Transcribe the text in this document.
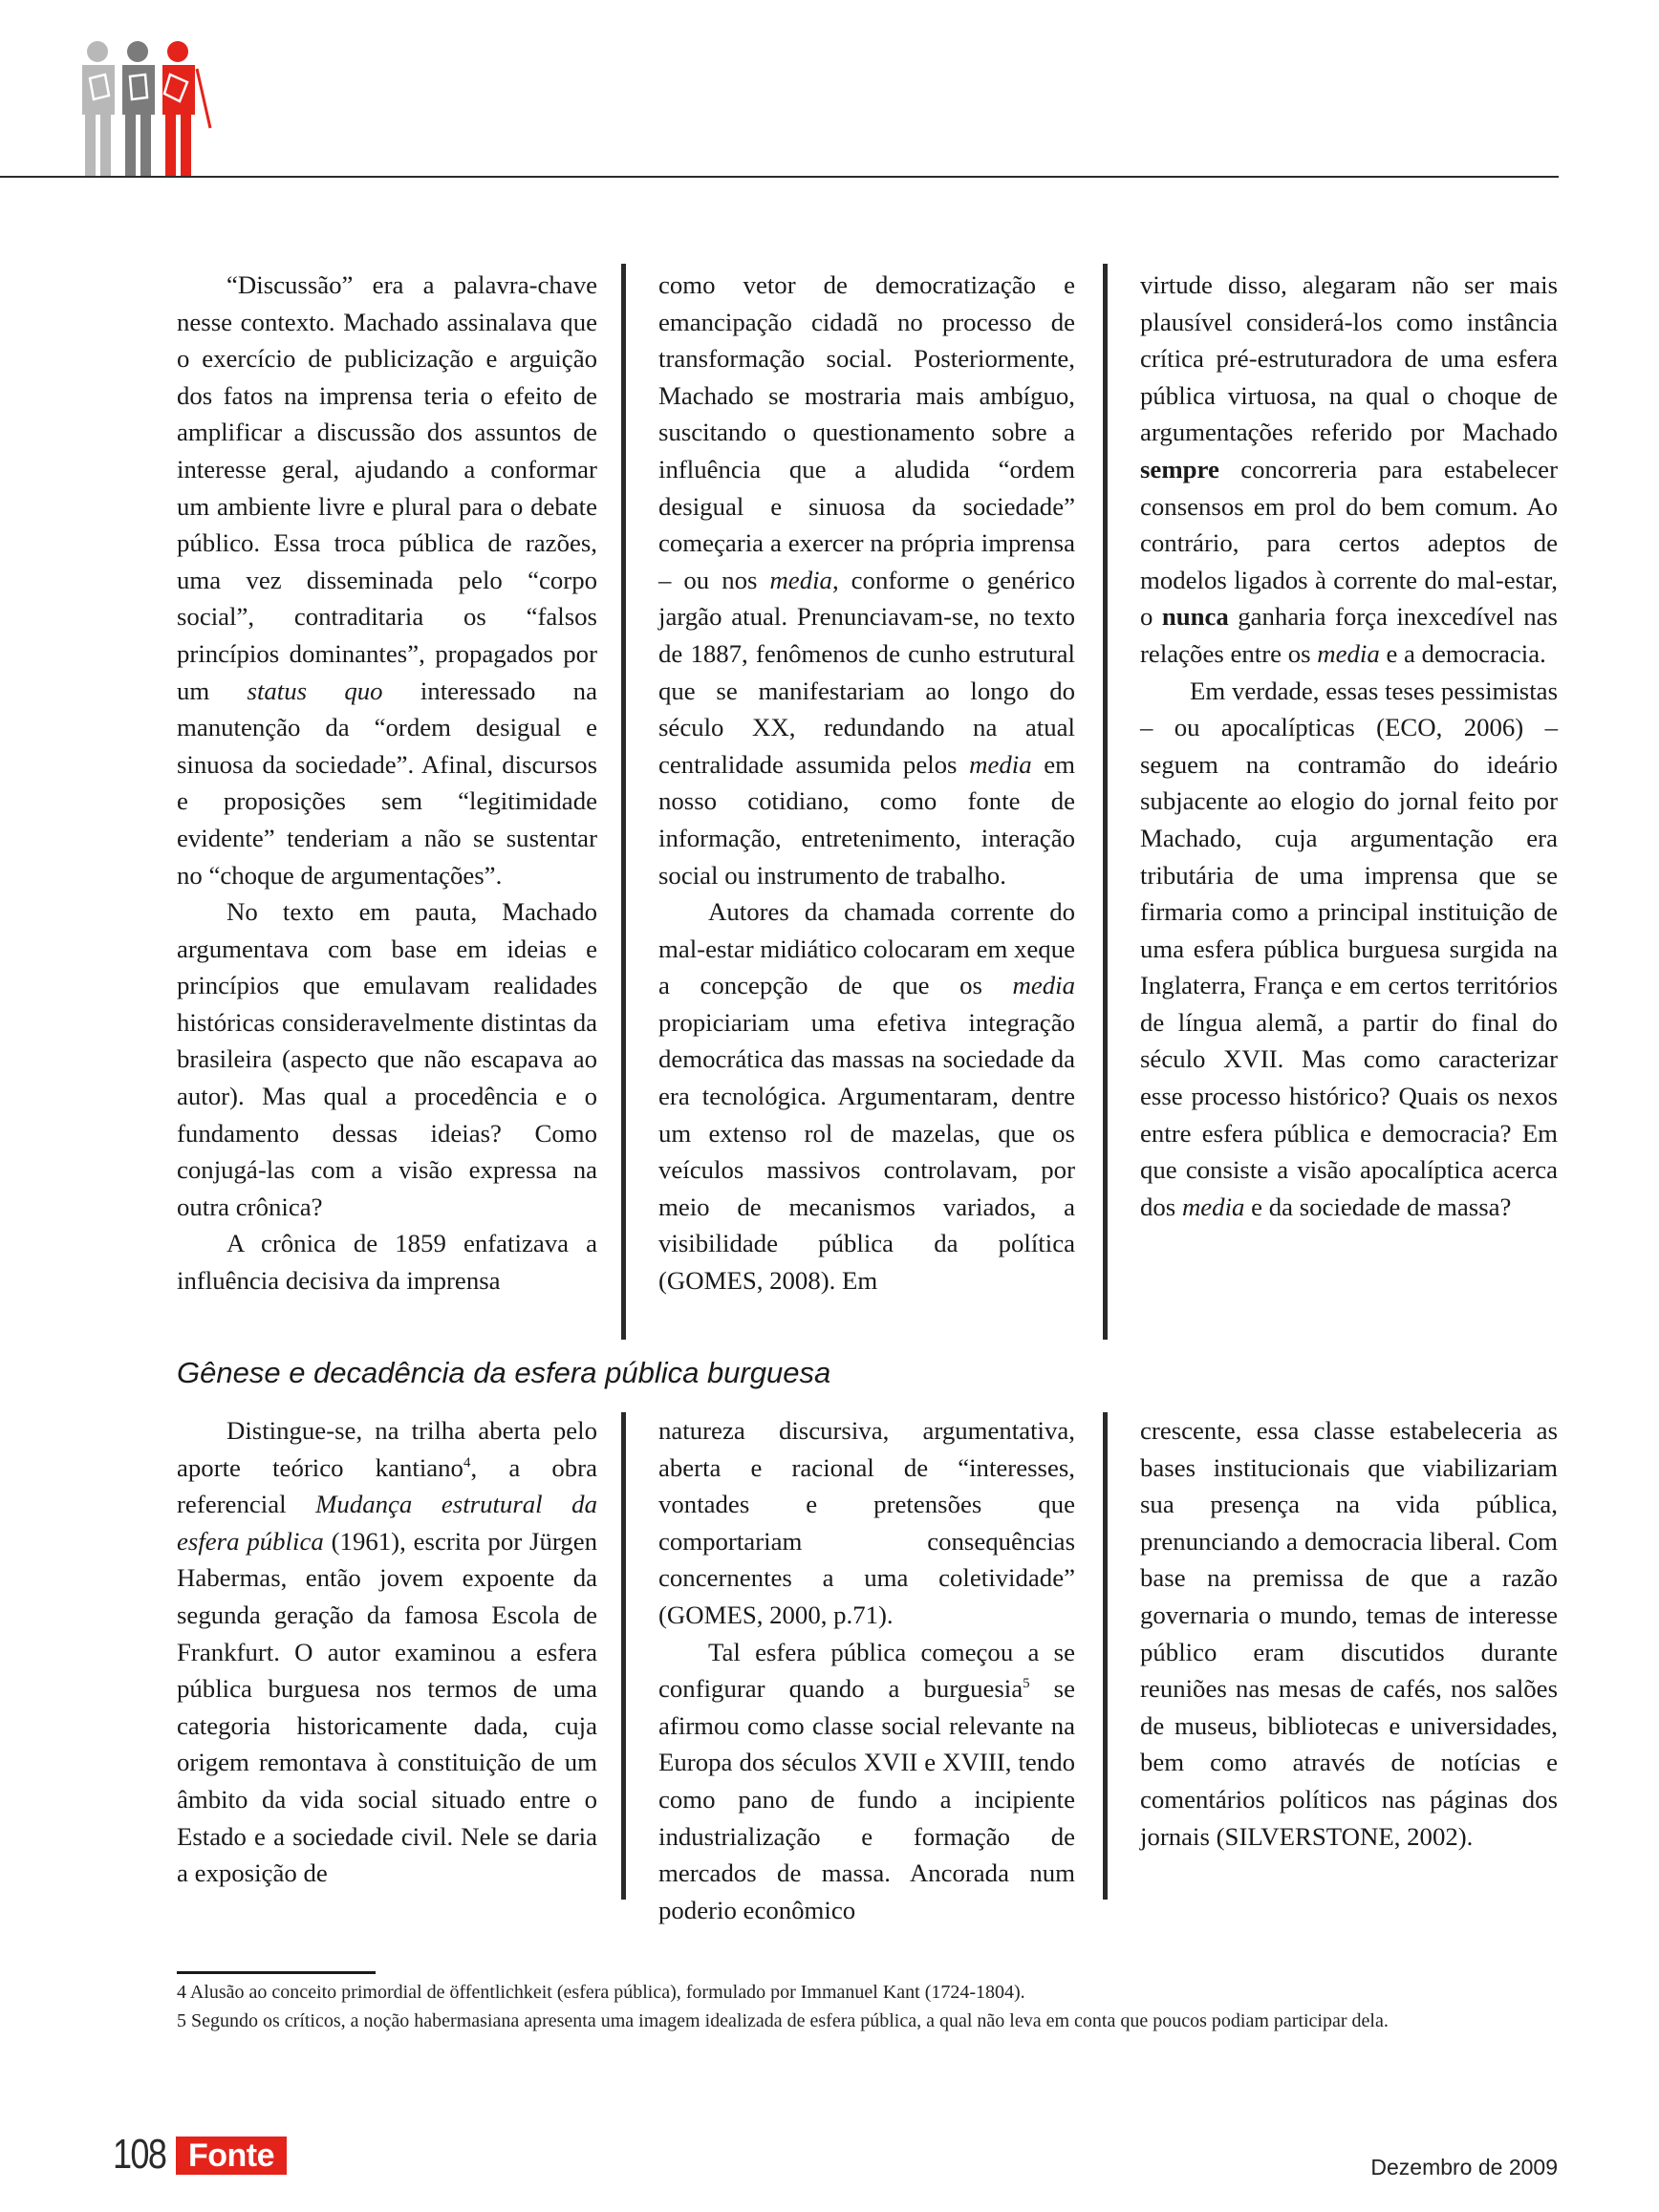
“Discussão” era a palavra-chave nesse contexto. Machado assinalava que o exercício de publicização e arguição dos fatos na imprensa teria o efeito de amplificar a discussão dos assuntos de interesse geral, ajudando a conformar um ambiente livre e plural para o debate público. Essa troca pública de razões, uma vez disseminada pelo “corpo social”, contraditaria os “falsos princípios dominantes”, propagados por um status quo interessado na manutenção da “ordem desigual e sinuosa da sociedade”. Afinal, discursos e proposições sem “legitimidade evidente” tenderiam a não se sustentar no “choque de argumentações”.

No texto em pauta, Machado argumentava com base em ideias e princípios que emulavam realidades históricas consideravelmente distintas da brasileira (aspecto que não escapava ao autor). Mas qual a procedência e o fundamento dessas ideias? Como conjugá-las com a visão expressa na outra crônica?

A crônica de 1859 enfatizava a influência decisiva da imprensa

como vetor de democratização e emancipação cidadã no processo de transformação social. Posteriormente, Machado se mostraria mais ambíguo, suscitando o questionamento sobre a influência que a aludida “ordem desigual e sinuosa da sociedade” começaria a exercer na própria imprensa – ou nos media, conforme o genérico jargão atual. Prenunciavam-se, no texto de 1887, fenômenos de cunho estrutural que se manifestariam ao longo do século XX, redundando na atual centralidade assumida pelos media em nosso cotidiano, como fonte de informação, entretenimento, interação social ou instrumento de trabalho.

Autores da chamada corrente do mal-estar midiático colocaram em xeque a concepção de que os media propiciariam uma efetiva integração democrática das massas na sociedade da era tecnológica. Argumentaram, dentre um extenso rol de mazelas, que os veículos massivos controlavam, por meio de mecanismos variados, a visibilidade pública da política (GOMES, 2008). Em

virtude disso, alegaram não ser mais plausível considerá-los como instância crítica pré-estruturadora de uma esfera pública virtuosa, na qual o choque de argumentações referido por Machado sempre concorreria para estabelecer consensos em prol do bem comum. Ao contrário, para certos adeptos de modelos ligados à corrente do mal-estar, o nunca ganharia força inexcedível nas relações entre os media e a democracia.

Em verdade, essas teses pessimistas – ou apocalípticas (ECO, 2006) – seguem na contramão do ideário subjacente ao elogio do jornal feito por Machado, cuja argumentação era tributária de uma imprensa que se firmaria como a principal instituição de uma esfera pública burguesa surgida na Inglaterra, França e em certos territórios de língua alemã, a partir do final do século XVII. Mas como caracterizar esse processo histórico? Quais os nexos entre esfera pública e democracia? Em que consiste a visão apocalíptica acerca dos media e da sociedade de massa?

Gênese e decadência da esfera pública burguesa

Distingue-se, na trilha aberta pelo aporte teórico kantiano$^4$, a obra referencial Mudança estrutural da esfera pública (1961), escrita por Jürgen Habermas, então jovem expoente da segunda geração da famosa Escola de Frankfurt. O autor examinou a esfera pública burguesa nos termos de uma categoria historicamente dada, cuja origem remontava à constituição de um âmbito da vida social situado entre o Estado e a sociedade civil. Nele se daria a exposição de

natureza discursiva, argumentativa, aberta e racional de “interesses, vontades e pretensões que comportariam consequências concernentes a uma coletividade” (GOMES, 2000, p.71).

Tal esfera pública começou a se configurar quando a burguesia$^5$ se afirmou como classe social relevante na Europa dos séculos XVII e XVIII, tendo como pano de fundo a incipiente industrialização e formação de mercados de massa. Ancorada num poderio econômico

crescente, essa classe estabeleceria as bases institucionais que viabilizariam sua presença na vida pública, prenunciando a democracia liberal. Com base na premissa de que a razão governaria o mundo, temas de interesse público eram discutidos durante reuniões nas mesas de cafés, nos salões de museus, bibliotecas e universidades, bem como através de notícias e comentários políticos nas páginas dos jornais (SILVERSTONE, 2002).

4 Alusão ao conceito primordial de öffentlichkeit (esfera pública), formulado por Immanuel Kant (1724-1804).

5 Segundo os críticos, a noção habermasiana apresenta uma imagem idealizada de esfera pública, a qual não leva em conta que poucos podiam participar dela.

108 Fonte	Dezembro de 2009
